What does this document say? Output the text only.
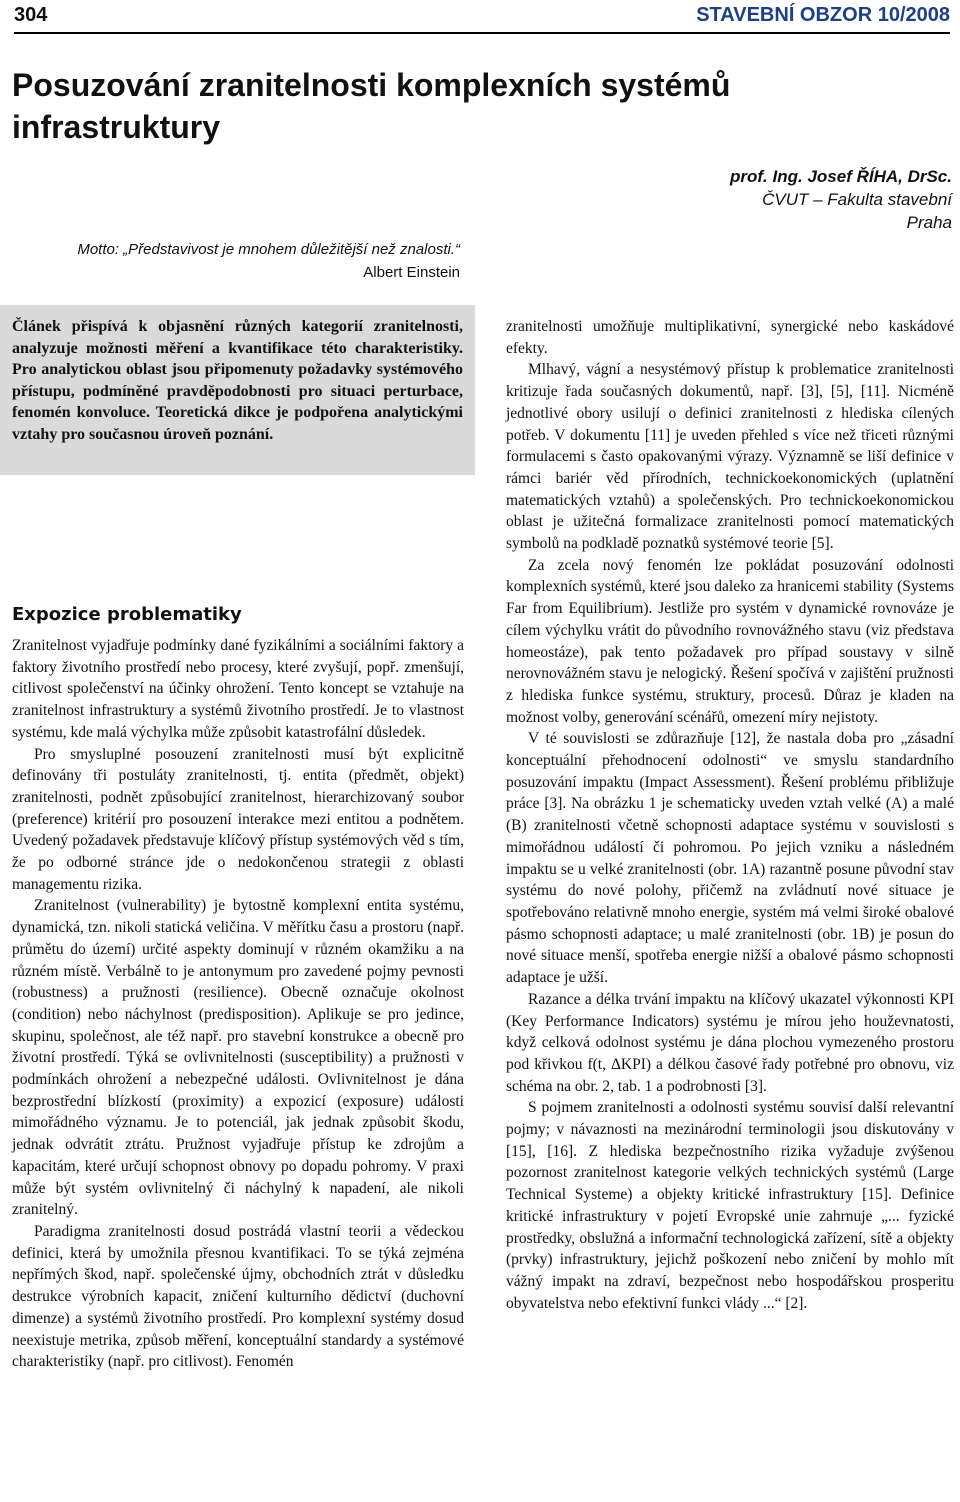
304	STAVEBNÍ OBZOR 10/2008
Posuzování zranitelnosti komplexních systémů infrastruktury
prof. Ing. Josef ŘÍHA, DrSc.
ČVUT – Fakulta stavební
Praha
Motto: „Představivost je mnohem důležitější než znalosti.“
Albert Einstein
Článek přispívá k objasnění různých kategorií zranitelnosti, analyzuje možnosti měření a kvantifikace této charakteristiky. Pro analytickou oblast jsou připomenuty požadavky systémového přístupu, podmíněné pravděpodobnosti pro situaci perturbace, fenomén konvoluce. Teoretická dikce je podpořena analytickými vztahy pro současnou úroveň poznání.
Expozice problematiky

Zranitelnost vyjadřuje podmínky dané fyzikálními a sociálními faktory a faktory životního prostředí nebo procesy, které zvyšují, popř. zmenšují, citlivost společenství na účinky ohrožení. Tento koncept se vztahuje na zranitelnost infrastruktury a systémů životního prostředí. Je to vlastnost systému, kde malá výchylka může způsobit katastrofální důsledek.

Pro smysluplné posouzení zranitelnosti musí být explicitně definovány tři postuláty zranitelnosti, tj. entita (předmět, objekt) zranitelnosti, podnět způsobující zranitelnost, hierarchizovaný soubor (preference) kritérií pro posouzení interakce mezi entitou a podnětem. Uvedený požadavek představuje klíčový přístup systémových věd s tím, že po odborné stránce jde o nedokončenou strategii z oblasti managementu rizika.

Zranitelnost (vulnerability) je bytostně komplexní entita systému, dynamická, tzn. nikoli statická veličina. V měřítku času a prostoru (např. průmětu do území) určité aspekty dominují v různém okamžiku a na různém místě. Verbálně to je antonymum pro zavedené pojmy pevnosti (robustness) a pružnosti (resilience). Obecně označuje okolnost (condition) nebo náchylnost (predisposition). Aplikuje se pro jedince, skupinu, společnost, ale též např. pro stavební konstrukce a obecně pro životní prostředí. Týká se ovlivnitelnosti (susceptibility) a pružnosti v podmínkách ohrožení a nebezpečné události. Ovlivnitelnost je dána bezprostřední blízkostí (proximity) a expozicí (exposure) události mimořádného významu. Je to potenciál, jak jednak způsobit škodu, jednak odvrátit ztrátu. Pružnost vyjadřuje přístup ke zdrojům a kapacitám, které určují schopnost obnovy po dopadu pohromy. V praxi může být systém ovlivnitelný či náchylný k napadení, ale nikoli zranitelný.

Paradigma zranitelnosti dosud postrádá vlastní teorii a vědeckou definici, která by umožnila přesnou kvantifikaci. To se týká zejména nepřímých škod, např. společenské újmy, obchodních ztrát v důsledku destrukce výrobních kapacit, zničení kulturního dědictví (duchovní dimenze) a systémů životního prostředí. Pro komplexní systémy dosud neexistuje metrika, způsob měření, konceptuální standardy a systémové charakteristiky (např. pro citlivost). Fenomén

zranitelnosti umožňuje multiplikativní, synergické nebo kaskádové efekty.

Mlhavý, vágní a nesystémový přístup k problematice zranitelnosti kritizuje řada současných dokumentů, např. [3], [5], [11]. Nicméně jednotlivé obory usilují o definici zranitelnosti z hlediska cílených potřeb. V dokumentu [11] je uveden přehled s více než třiceti různými formulacemi s často opakovanými výrazy. Významně se liší definice v rámci bariér věd přírodních, technickoekonomických (uplatnění matematických vztahů) a společenských. Pro technickoekonomickou oblast je užitečná formalizace zranitelnosti pomocí matematických symbolů na podkladě poznatků systémové teorie [5].

Za zcela nový fenomén lze pokládat posuzování odolnosti komplexních systémů, které jsou daleko za hranicemi stability (Systems Far from Equilibrium). Jestliže pro systém v dynamické rovnováze je cílem výchylku vrátit do původního rovnovážného stavu (viz představa homeostáze), pak tento požadavek pro případ soustavy v silně nerovnovážném stavu je nelogický. Řešení spočívá v zajištění pružnosti z hlediska funkce systému, struktury, procesů. Důraz je kladen na možnost volby, generování scénářů, omezení míry nejistoty.

V té souvislosti se zdůrazňuje [12], že nastala doba pro „zásadní konceptuální přehodnocení odolnosti“ ve smyslu standardního posuzování impaktu (Impact Assessment). Řešení problému přibližuje práce [3]. Na obrázku 1 je schematicky uveden vztah velké (A) a malé (B) zranitelnosti včetně schopnosti adaptace systému v souvislosti s mimořádnou událostí či pohromou. Po jejich vzniku a následném impaktu se u velké zranitelnosti (obr. 1A) razantně posune původní stav systému do nové polohy, přičemž na zvládnutí nové situace je spotřebováno relativně mnoho energie, systém má velmi široké obalové pásmo schopnosti adaptace; u malé zranitelnosti (obr. 1B) je posun do nové situace menší, spotřeba energie nižší a obalové pásmo schopnosti adaptace je užší.

Razance a délka trvání impaktu na klíčový ukazatel výkonnosti KPI (Key Performance Indicators) systému je mírou jeho houževnatosti, když celková odolnost systému je dána plochou vymezeného prostoru pod křivkou f(t, ΔKPI) a délkou časové řady potřebné pro obnovu, viz schéma na obr. 2, tab. 1 a podrobnosti [3].

S pojmem zranitelnosti a odolnosti systému souvisí další relevantní pojmy; v návaznosti na mezinárodní terminologii jsou diskutovány v [15], [16]. Z hlediska bezpečnostního rizika vyžaduje zvýšenou pozornost zranitelnost kategorie velkých technických systémů (Large Technical Systeme) a objekty kritické infrastruktury [15]. Definice kritické infrastruktury v pojetí Evropské unie zahrnuje „... fyzické prostředky, obslužná a informační technologická zařízení, sítě a objekty (prvky) infrastruktury, jejichž poškození nebo zničení by mohlo mít vážný impakt na zdraví, bezpečnost nebo hospodářskou prosperitu obyvatelstva nebo efektivní funkci vlády ...“ [2].
